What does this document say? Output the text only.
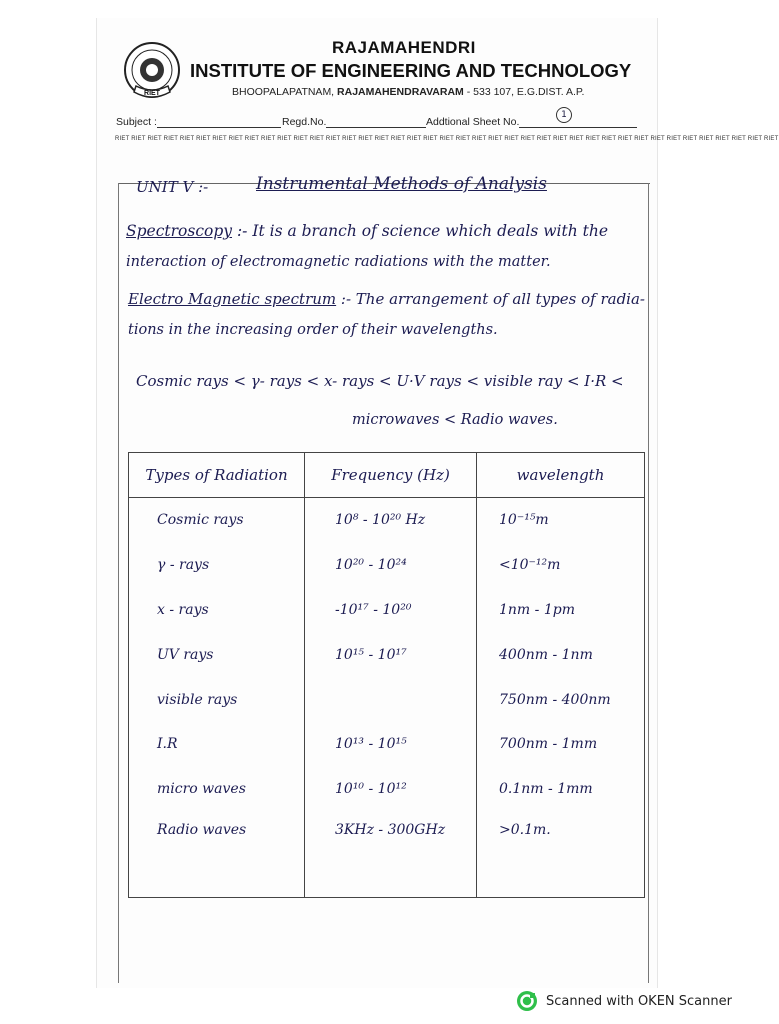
RIET
RAJAMAHENDRI
INSTITUTE OF ENGINEERING AND TECHNOLOGY
BHOOPALAPATNAM, RAJAMAHENDRAVARAM - 533 107, E.G.DIST. A.P.
Subject :	Regd.No.	Addtional Sheet No.
1
RIET RIET RIET RIET RIET RIET RIET RIET RIET RIET RIET RIET RIET RIET RIET RIET RIET RIET RIET RIET RIET RIET RIET RIET RIET RIET RIET RIET RIET RIET RIET RIET RIET RIET RIET RIET RIET RIET RIET RIET RIET
UNIT V :-	Instrumental Methods of Analysis
Spectroscopy :- It is a branch of science which deals with the
interaction of electromagnetic radiations with the matter.
Electro Magnetic spectrum :- The arrangement of all types of radia-
tions in the increasing order of their wavelengths.
Cosmic rays < γ- rays < x- rays < U·V rays < visible ray < I·R <
microwaves < Radio waves.
Types of Radiation	Frequency (Hz)	wavelength
Cosmic rays	10⁸ - 10²⁰ Hz	10⁻¹⁵m
γ - rays	10²⁰ - 10²⁴	<10⁻¹²m
x - rays	-10¹⁷ - 10²⁰	1nm - 1pm
UV rays	10¹⁵ - 10¹⁷	400nm - 1nm
visible rays		750nm - 400nm
I.R	10¹³ - 10¹⁵	700nm - 1mm
micro waves	10¹⁰ - 10¹²	0.1nm - 1mm
Radio waves	3KHz - 300GHz	>0.1m.
Scanned with OKEN Scanner
